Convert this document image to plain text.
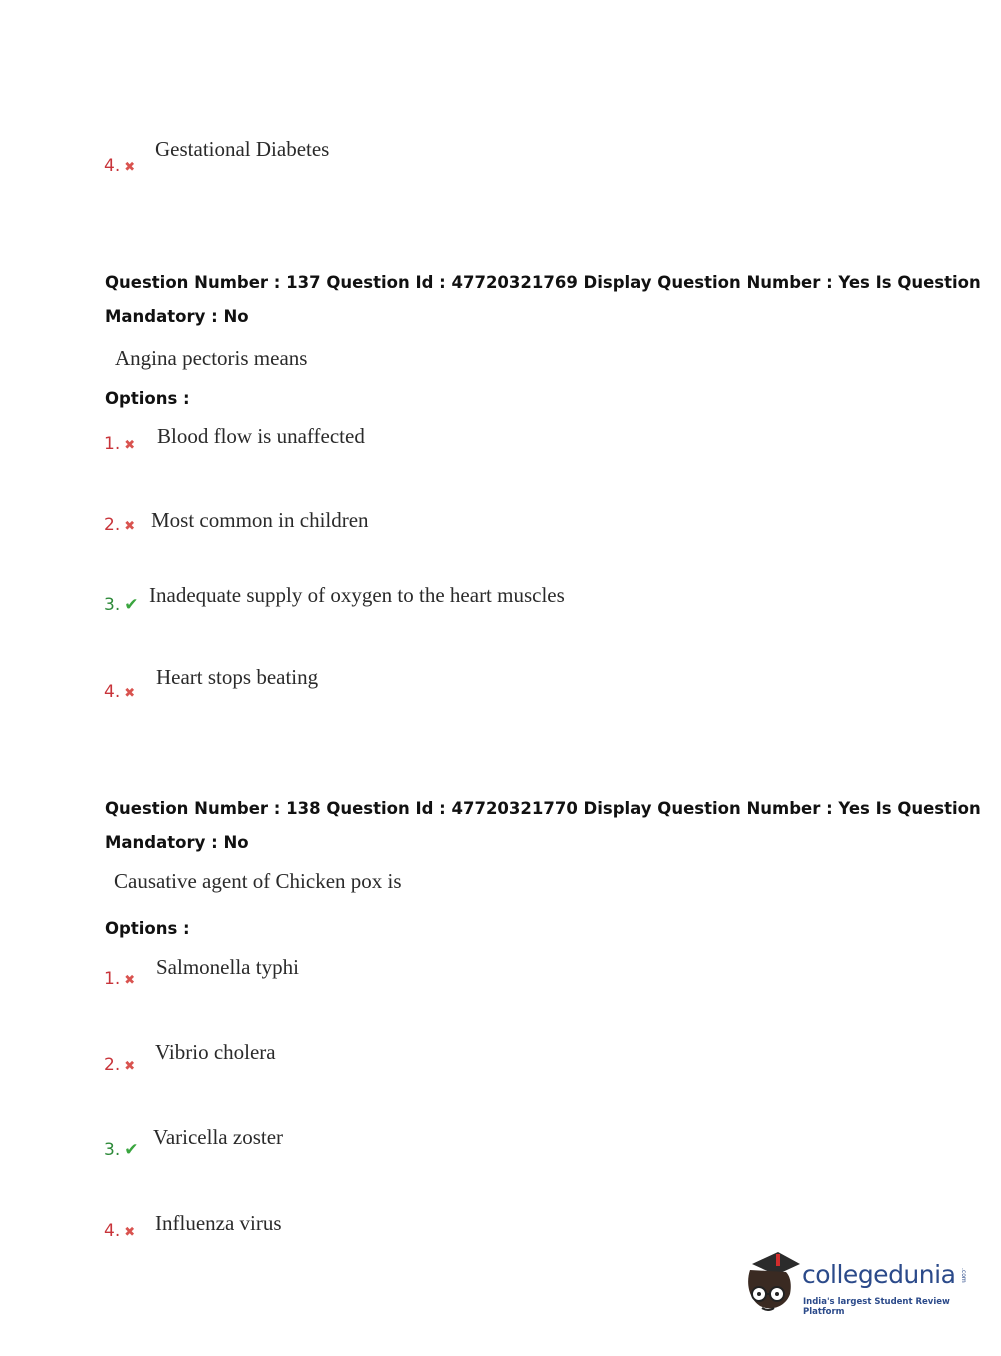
4. ✖
Gestational Diabetes
Question Number : 137 Question Id : 47720321769 Display Question Number : Yes Is Question
Mandatory : No
Angina pectoris means
Options :
1. ✖ Blood flow is unaffected
2. ✖ Most common in children
3. ✔ Inadequate supply of oxygen to the heart muscles
4. ✖
Heart stops beating
Question Number : 138 Question Id : 47720321770 Display Question Number : Yes Is Question
Mandatory : No
Causative agent of Chicken pox is
Options :
1. ✖
Salmonella typhi
2. ✖
Vibrio cholera
3. ✔
Varicella zoster
4. ✖ Influenza virus
collegedunia .com
India's largest Student Review Platform
